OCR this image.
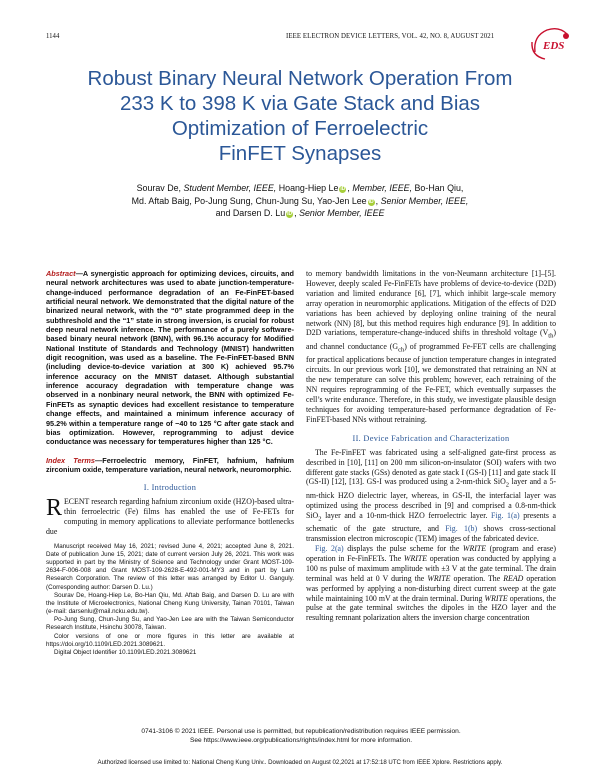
1144	IEEE ELECTRON DEVICE LETTERS, VOL. 42, NO. 8, AUGUST 2021
EDS
Robust Binary Neural Network Operation From
233 K to 398 K via Gate Stack and Bias
Optimization of Ferroelectric
FinFET Synapses
Sourav De, Student Member, IEEE, Hoang-Hiep Le iD , Member, IEEE, Bo-Han Qiu,
Md. Aftab Baig, Po-Jung Sung, Chun-Jung Su, Yao-Jen Lee iD , Senior Member, IEEE,
and Darsen D. Lu iD , Senior Member, IEEE

Abstract—A synergistic approach for optimizing devices, circuits, and neural network architectures was used to abate junction-temperature-change-induced performance degradation of an Fe-FinFET-based artificial neural network. We demonstrated that the digital nature of the binarized neural network, with the “0” state programmed deep in the subthreshold and the “1” state in strong inversion, is crucial for robust deep neural network inference. The performance of a purely software-based binary neural network (BNN), with 96.1% accuracy for Modified National Institute of Standards and Technology (MNIST) handwritten digit recognition, was used as a baseline. The Fe-FinFET-based BNN (including device-to-device variation at 300 K) achieved 95.7% inference accuracy on the MNIST dataset. Although substantial inference accuracy degradation with temperature change was observed in a nonbinary neural network, the BNN with optimized Fe-FinFETs as synaptic devices had excellent resistance to temperature change effects, and maintained a minimum inference accuracy of 95.2% within a temperature range of −40 to 125 °C after gate stack and bias optimization. However, reprogramming to adjust device conductance was necessary for temperatures higher than 125 °C.

Index Terms—Ferroelectric memory, FinFET, hafnium, hafnium zirconium oxide, temperature variation, neural network, neuromorphic.

I. Introduction

RECENT research regarding hafnium zirconium oxide (HZO)-based ultra-thin ferroelectric (Fe) films has enabled the use of Fe-FETs for computing in memory applications to alleviate performance bottlenecks due

Manuscript received May 16, 2021; revised June 4, 2021; accepted June 8, 2021. Date of publication June 15, 2021; date of current version July 26, 2021. This work was supported in part by the Ministry of Science and Technology under Grant MOST-109-2634-F-006-008 and Grant MOST-109-2628-E-492-001-MY3 and in part by Lam Research Corporation. The review of this letter was arranged by Editor U. Ganguly. (Corresponding author: Darsen D. Lu.)

Sourav De, Hoang-Hiep Le, Bo-Han Qiu, Md. Aftab Baig, and Darsen D. Lu are with the Institute of Microelectronics, National Cheng Kung University, Tainan 70101, Taiwan (e-mail: darsenlu@mail.ncku.edu.tw).

Po-Jung Sung, Chun-Jung Su, and Yao-Jen Lee are with the Taiwan Semiconductor Research Institute, Hsinchu 30078, Taiwan.

Color versions of one or more figures in this letter are available at https://doi.org/10.1109/LED.2021.3089621.

Digital Object Identifier 10.1109/LED.2021.3089621

to memory bandwidth limitations in the von-Neumann architecture [1]–[5]. However, deeply scaled Fe-FinFETs have problems of device-to-device (D2D) variation and limited endurance [6], [7], which inhibit large-scale memory array operation in neuromorphic applications. Mitigation of the effects of D2D variations has been achieved by deploying online training of the neural network (NN) [8], but this method requires high endurance [9]. In addition to D2D variations, temperature-change-induced shifts in threshold voltage $(V_{th})$ and channel conductance $(G_{ch})$ of programmed Fe-FET cells are challenging for practical applications because of junction temperature changes in integrated circuits. In our previous work [10], we demonstrated that retraining an NN at the new temperature can solve this problem; however, each retraining of the NN requires reprogramming of the Fe-FET, which eventually surpasses the cell’s write endurance. Therefore, in this study, we investigate plausible design techniques for avoiding temperature-based performance degradation of Fe-FinFET-based NNs without retraining.

II. Device Fabrication and Characterization

The Fe-FinFET was fabricated using a self-aligned gate-first process as described in [10], [11] on 200 mm silicon-on-insulator (SOI) wafers with two different gate stacks (GSs) denoted as gate stack I (GS-I) [11] and gate stack II (GS-II) [12], [13]. GS-I was produced using a 2-nm-thick SiO$_2$ layer and a 5-nm-thick HZO dielectric layer, whereas, in GS-II, the interfacial layer was optimized using the process described in [9] and comprised a 0.8-nm-thick SiO$_2$ layer and a 10-nm-thick HZO ferroelectric layer. Fig. 1(a) presents a schematic of the gate structure, and Fig. 1(b) shows cross-sectional transmission electron microscopic (TEM) images of the fabricated device.

Fig. 2(a) displays the pulse scheme for the WRITE (program and erase) operation in Fe-FinFETs. The WRITE operation was conducted by applying a 100 ns pulse of maximum amplitude with ±3 V at the gate terminal. The drain terminal was held at 0 V during the WRITE operation. The READ operation was performed by applying a non-disturbing direct current sweep at the gate while maintaining 100 mV at the drain terminal. During WRITE operations, the pulse at the gate terminal switches the dipoles in the HZO layer and the resulting remnant polarization alters the inversion charge concentration

0741-3106 © 2021 IEEE. Personal use is permitted, but republication/redistribution requires IEEE permission.
See https://www.ieee.org/publications/rights/index.html for more information.
Authorized licensed use limited to: National Cheng Kung Univ.. Downloaded on August 02,2021 at 17:52:18 UTC from IEEE Xplore. Restrictions apply.
